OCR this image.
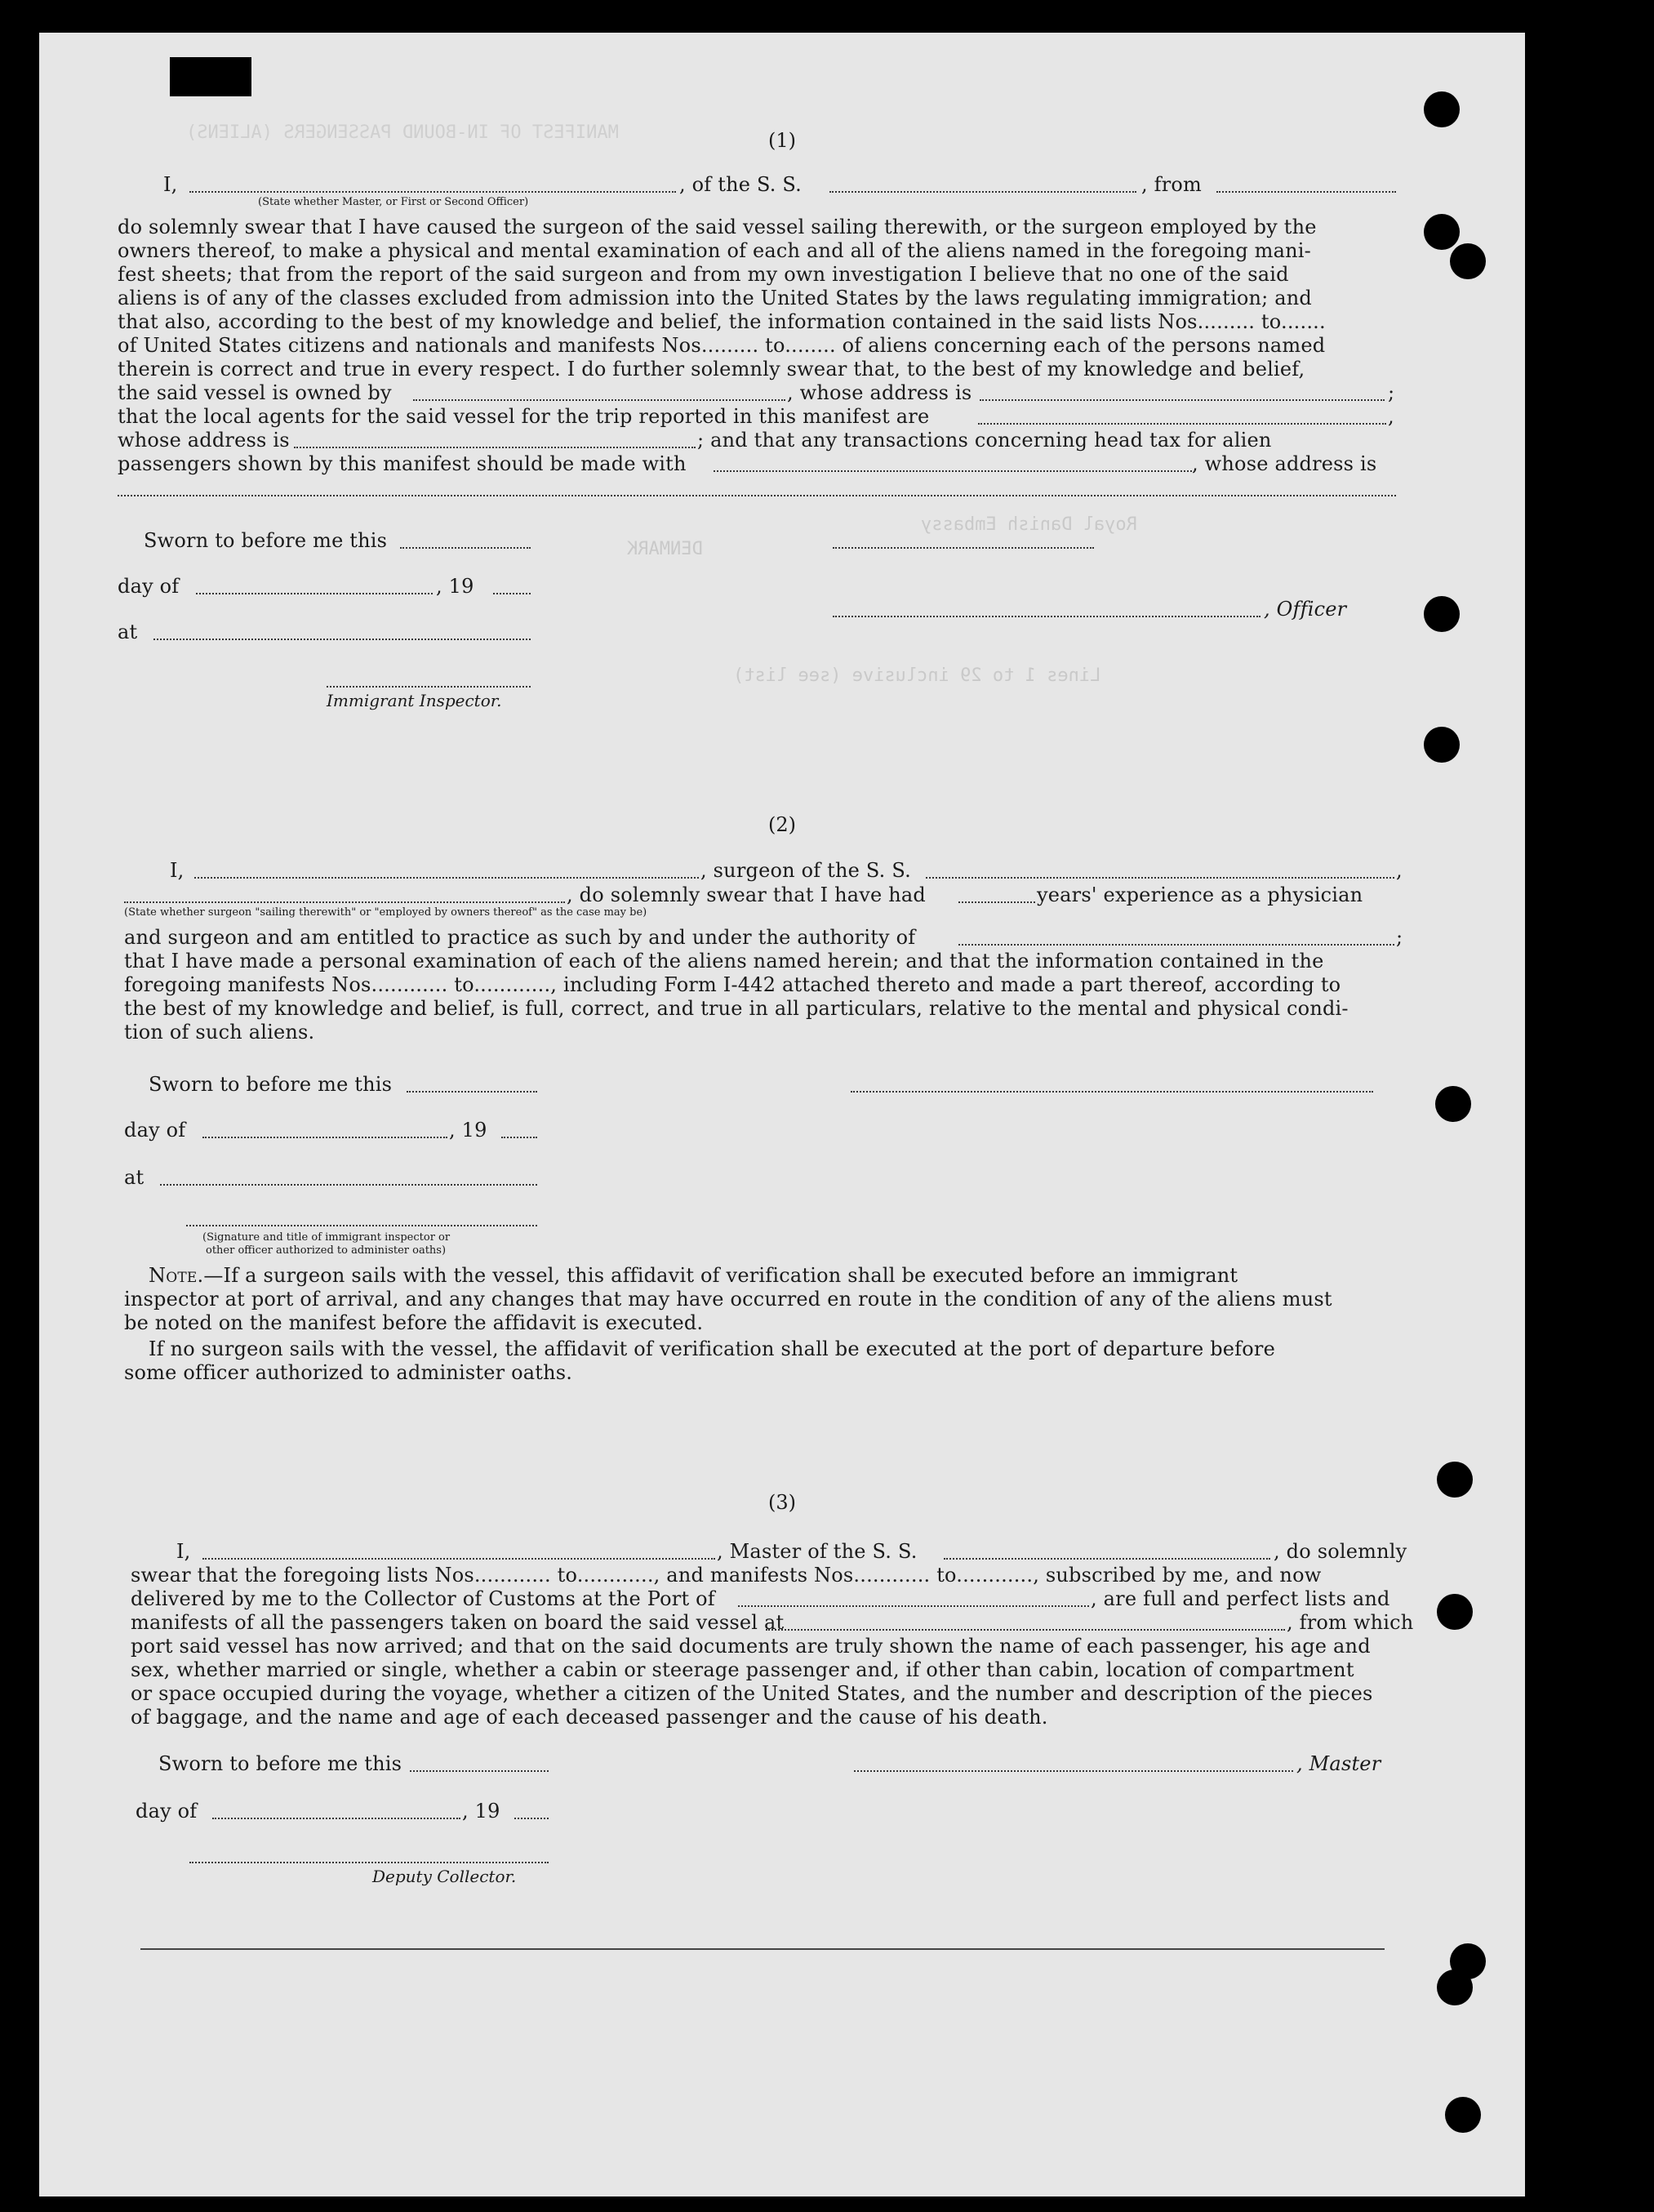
MANIFEST OF IN-BOUND PASSENGERS (ALIENS)
Royal Danish Embassy
DENMARK
Lines 1 to 29 inclusive (see list)
(1)
I,	, of the S. S.	, from
(State whether Master, or First or Second Officer)
do solemnly swear that I have caused the surgeon of the said vessel sailing therewith, or the surgeon employed by the
owners thereof, to make a physical and mental examination of each and all of the aliens named in the foregoing mani-
fest sheets; that from the report of the said surgeon and from my own investigation I believe that no one of the said
aliens is of any of the classes excluded from admission into the United States by the laws regulating immigration; and
that also, according to the best of my knowledge and belief, the information contained in the said lists Nos......... to.......
of United States citizens and nationals and manifests Nos......... to........ of aliens concerning each of the persons named
therein is correct and true in every respect. I do further solemnly swear that, to the best of my knowledge and belief,
the said vessel is owned by	, whose address is	;
that the local agents for the said vessel for the trip reported in this manifest are	,
whose address is	; and that any transactions concerning head tax for alien
passengers shown by this manifest should be made with	, whose address is
Sworn to before me this
day of	, 19
, Officer
at
Immigrant Inspector.
(2)
I,	, surgeon of the S. S.	,
, do solemnly swear that I have had	years' experience as a physician
(State whether surgeon "sailing therewith" or "employed by owners thereof" as the case may be)
and surgeon and am entitled to practice as such by and under the authority of	;
that I have made a personal examination of each of the aliens named herein; and that the information contained in the
foregoing manifests Nos............ to............, including Form I-442 attached thereto and made a part thereof, according to
the best of my knowledge and belief, is full, correct, and true in all particulars, relative to the mental and physical condi-
tion of such aliens.
Sworn to before me this
day of	, 19
at
(Signature and title of immigrant inspector or
other officer authorized to administer oaths)
Note.—If a surgeon sails with the vessel, this affidavit of verification shall be executed before an immigrant
inspector at port of arrival, and any changes that may have occurred en route in the condition of any of the aliens must
be noted on the manifest before the affidavit is executed.
If no surgeon sails with the vessel, the affidavit of verification shall be executed at the port of departure before
some officer authorized to administer oaths.
(3)
I,	, Master of the S. S.	, do solemnly
swear that the foregoing lists Nos............ to............, and manifests Nos............ to............, subscribed by me, and now
delivered by me to the Collector of Customs at the Port of	, are full and perfect lists and
manifests of all the passengers taken on board the said vessel at	, from which
port said vessel has now arrived; and that on the said documents are truly shown the name of each passenger, his age and
sex, whether married or single, whether a cabin or steerage passenger and, if other than cabin, location of compartment
or space occupied during the voyage, whether a citizen of the United States, and the number and description of the pieces
of baggage, and the name and age of each deceased passenger and the cause of his death.
Sworn to before me this	, Master
day of	, 19
Deputy Collector.
